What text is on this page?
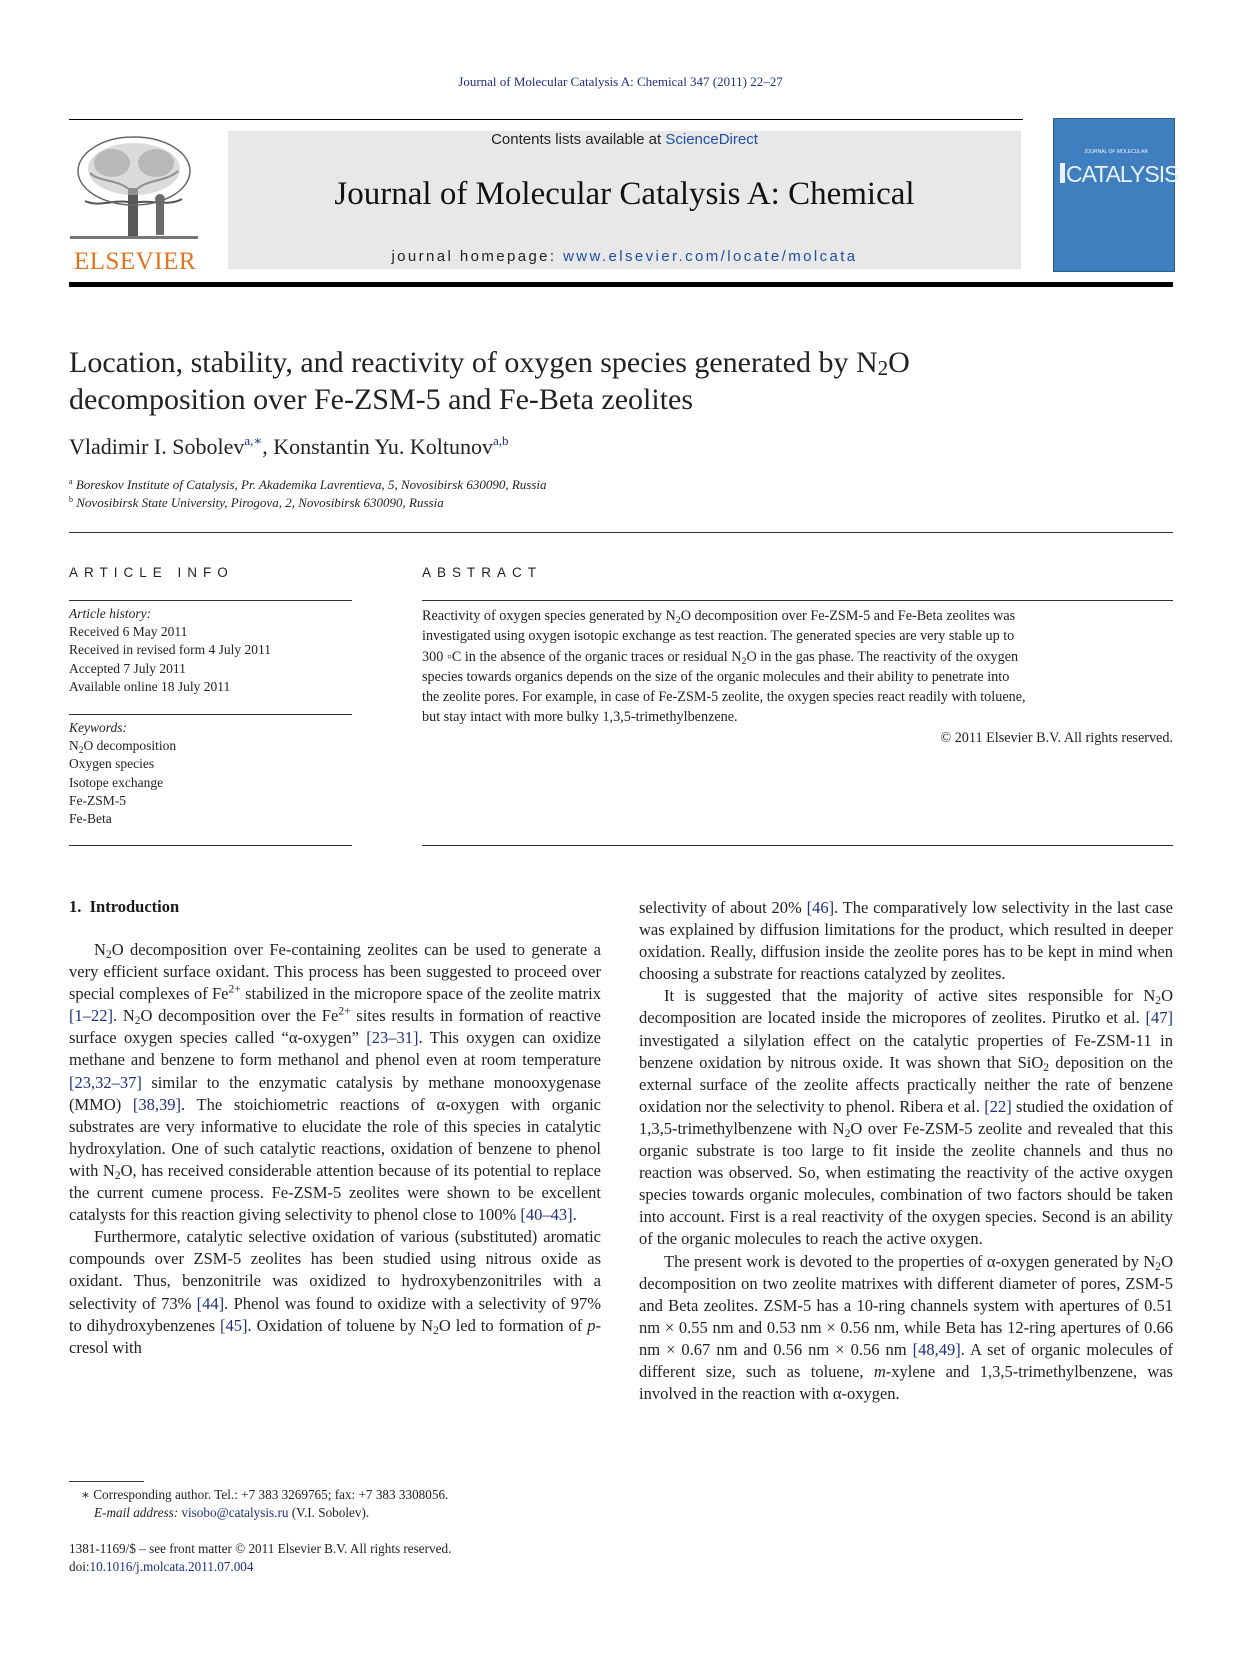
Journal of Molecular Catalysis A: Chemical 347 (2011) 22–27
ELSEVIER
Contents lists available at ScienceDirect
Journal of Molecular Catalysis A: Chemical
journal homepage: www.elsevier.com/locate/molcata
JOURNAL OF MOLECULAR
CATALYSIS
Location, stability, and reactivity of oxygen species generated by $N_2O$
decomposition over Fe-ZSM-5 and Fe-Beta zeolites
Vladimir I. Sobolev$^{a,∗}$, Konstantin Yu. Koltunov$^{a,b}$
$^a$ Boreskov Institute of Catalysis, Pr. Akademika Lavrentieva, 5, Novosibirsk 630090, Russia
$^b$ Novosibirsk State University, Pirogova, 2, Novosibirsk 630090, Russia
ARTICLE INFO
Article history:
Received 6 May 2011
Received in revised form 4 July 2011
Accepted 7 July 2011
Available online 18 July 2011
Keywords:
$N_2O$ decomposition
Oxygen species
Isotope exchange
Fe-ZSM-5
Fe-Beta
ABSTRACT
Reactivity of oxygen species generated by $N_2O$ decomposition over Fe-ZSM-5 and Fe-Beta zeolites was
investigated using oxygen isotopic exchange as test reaction. The generated species are very stable up to
300 ◦C in the absence of the organic traces or residual $N_2O$ in the gas phase. The reactivity of the oxygen
species towards organics depends on the size of the organic molecules and their ability to penetrate into
the zeolite pores. For example, in case of Fe-ZSM-5 zeolite, the oxygen species react readily with toluene,
but stay intact with more bulky 1,3,5-trimethylbenzene.
© 2011 Elsevier B.V. All rights reserved.
1. Introduction

$N_2O$ decomposition over Fe-containing zeolites can be used to generate a very efficient surface oxidant. This process has been suggested to proceed over special complexes of $Fe^{2+}$ stabilized in the micropore space of the zeolite matrix [1–22]. $N_2O$ decomposition over the $Fe^{2+}$ sites results in formation of reactive surface oxygen species called “α-oxygen” [23–31]. This oxygen can oxidize methane and benzene to form methanol and phenol even at room temperature [23,32–37] similar to the enzymatic catalysis by methane monooxygenase (MMO) [38,39]. The stoichiometric reactions of α-oxygen with organic substrates are very informative to elucidate the role of this species in catalytic hydroxylation. One of such catalytic reactions, oxidation of benzene to phenol with $N_2O$, has received considerable attention because of its potential to replace the current cumene process. Fe-ZSM-5 zeolites were shown to be excellent catalysts for this reaction giving selectivity to phenol close to 100% [40–43].

Furthermore, catalytic selective oxidation of various (substituted) aromatic compounds over ZSM-5 zeolites has been studied using nitrous oxide as oxidant. Thus, benzonitrile was oxidized to hydroxybenzonitriles with a selectivity of 73% [44]. Phenol was found to oxidize with a selectivity of 97% to dihydroxybenzenes [45]. Oxidation of toluene by $N_2O$ led to formation of p-cresol with

selectivity of about 20% [46]. The comparatively low selectivity in the last case was explained by diffusion limitations for the product, which resulted in deeper oxidation. Really, diffusion inside the zeolite pores has to be kept in mind when choosing a substrate for reactions catalyzed by zeolites.

It is suggested that the majority of active sites responsible for $N_2O$ decomposition are located inside the micropores of zeolites. Pirutko et al. [47] investigated a silylation effect on the catalytic properties of Fe-ZSM-11 in benzene oxidation by nitrous oxide. It was shown that SiO$_2$ deposition on the external surface of the zeolite affects practically neither the rate of benzene oxidation nor the selectivity to phenol. Ribera et al. [22] studied the oxidation of 1,3,5-trimethylbenzene with $N_2O$ over Fe-ZSM-5 zeolite and revealed that this organic substrate is too large to fit inside the zeolite channels and thus no reaction was observed. So, when estimating the reactivity of the active oxygen species towards organic molecules, combination of two factors should be taken into account. First is a real reactivity of the oxygen species. Second is an ability of the organic molecules to reach the active oxygen.

The present work is devoted to the properties of α-oxygen generated by $N_2O$ decomposition on two zeolite matrixes with different diameter of pores, ZSM-5 and Beta zeolites. ZSM-5 has a 10-ring channels system with apertures of 0.51 nm × 0.55 nm and 0.53 nm × 0.56 nm, while Beta has 12-ring apertures of 0.66 nm × 0.67 nm and 0.56 nm × 0.56 nm [48,49]. A set of organic molecules of different size, such as toluene, m-xylene and 1,3,5-trimethylbenzene, was involved in the reaction with α-oxygen.

∗ Corresponding author. Tel.: +7 383 3269765; fax: +7 383 3308056.
E-mail address: visobo@catalysis.ru (V.I. Sobolev).
1381-1169/$ – see front matter © 2011 Elsevier B.V. All rights reserved.
doi:10.1016/j.molcata.2011.07.004
